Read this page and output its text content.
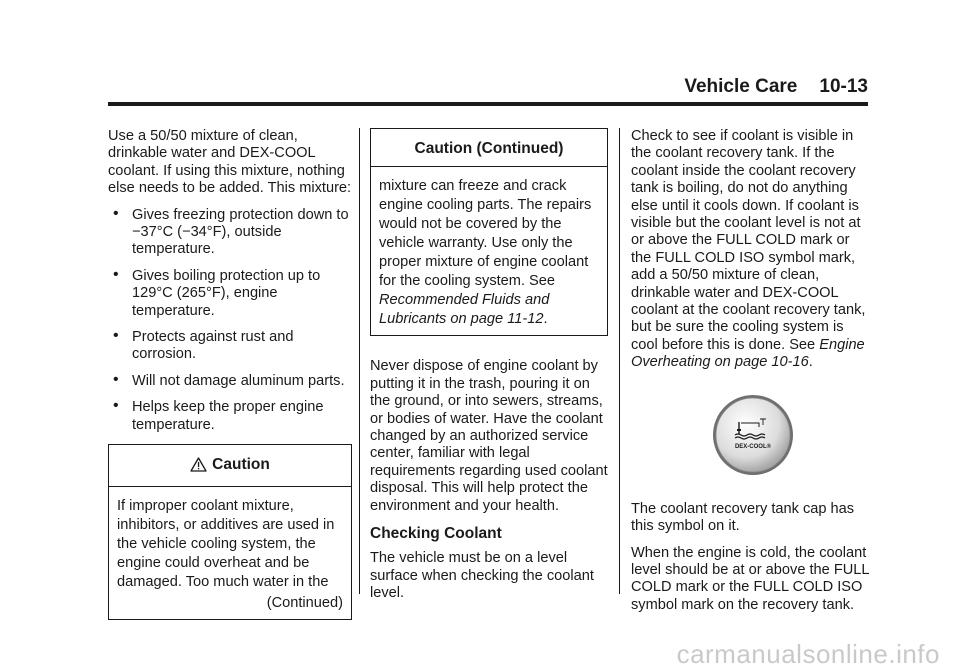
Vehicle Care 10-13

Use a 50/50 mixture of clean, drinkable water and DEX-COOL coolant. If using this mixture, nothing else needs to be added. This mixture:

• Gives freezing protection down to −37°C (−34°F), outside temperature.
• Gives boiling protection up to 129°C (265°F), engine temperature.
• Protects against rust and corrosion.
• Will not damage aluminum parts.
• Helps keep the proper engine temperature.
Caution
If improper coolant mixture, inhibitors, or additives are used in the vehicle cooling system, the engine could overheat and be damaged. Too much water in the
(Continued)
Caution (Continued)
mixture can freeze and crack engine cooling parts. The repairs would not be covered by the vehicle warranty. Use only the proper mixture of engine coolant for the cooling system. See Recommended Fluids and Lubricants on page 11-12.

Never dispose of engine coolant by putting it in the trash, pouring it on the ground, or into sewers, streams, or bodies of water. Have the coolant changed by an authorized service center, familiar with legal requirements regarding used coolant disposal. This will help protect the environment and your health.

Checking Coolant

The vehicle must be on a level surface when checking the coolant level.

Check to see if coolant is visible in the coolant recovery tank. If the coolant inside the coolant recovery tank is boiling, do not do anything else until it cools down. If coolant is visible but the coolant level is not at or above the FULL COLD mark or the FULL COLD ISO symbol mark, add a 50/50 mixture of clean, drinkable water and DEX-COOL coolant at the coolant recovery tank, but be sure the cooling system is cool before this is done. See Engine Overheating on page 10-16.

DEX-COOL®

The coolant recovery tank cap has this symbol on it.

When the engine is cold, the coolant level should be at or above the FULL COLD mark or the FULL COLD ISO symbol mark on the recovery tank.

carmanualsonline.info
